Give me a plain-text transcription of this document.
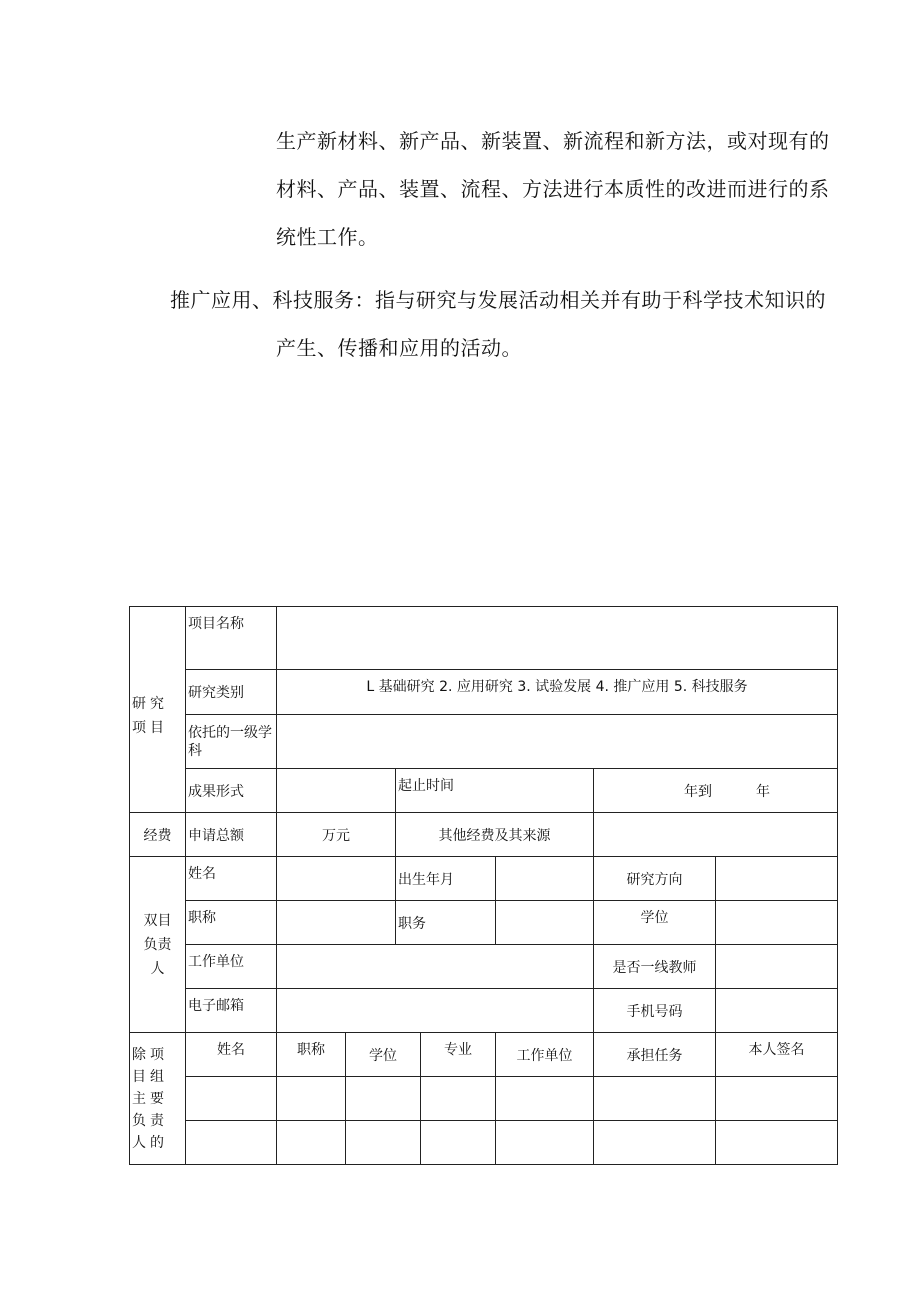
生产新材料、新产品、新装置、新流程和新方法，或对现有的材料、产品、装置、流程、方法进行本质性的改进而进行的系统性工作。
推广应用、科技服务：指与研究与发展活动相关并有助于科学技术知识的
产生、传播和应用的活动。
研究项目	项目名称							
	研究类别	L 基础研究 2. 应用研究 3. 试验发展 4. 推广应用 5. 科技服务						
	依托的一级学科							
	成果形式			起止时间			年到 年	
经费	申请总额	万元		其他经费及其来源				

双目负责人	姓名			出生年月			研究方向	
	职称			职务			学位	
	工作单位						是否一线教师	
	电子邮箱						手机号码	

除项目组主要负责人的	姓名	职称	学位		专业	工作单位	承担任务	本人签名
